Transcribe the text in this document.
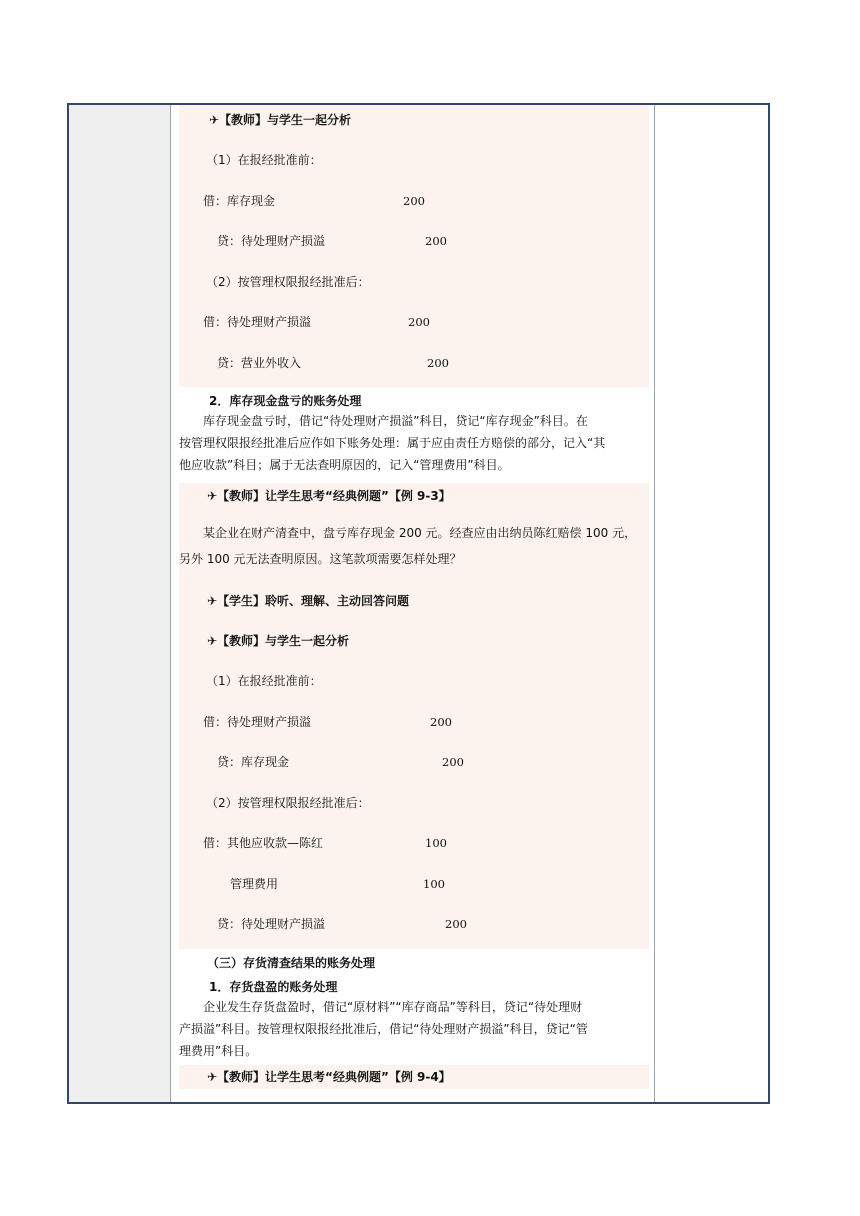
✈【教师】与学生一起分析
（1）在报经批准前：
借：库存现金	200
贷：待处理财产损溢	200
（2）按管理权限报经批准后：
借：待处理财产损溢	200
贷：营业外收入	200
2．库存现金盘亏的账务处理
库存现金盘亏时，借记“待处理财产损溢”科目，贷记“库存现金”科目。在
按管理权限报经批准后应作如下账务处理：属于应由责任方赔偿的部分，记入“其
他应收款”科目；属于无法查明原因的，记入“管理费用”科目。
✈【教师】让学生思考“经典例题”【例 9-3】
某企业在财产清查中，盘亏库存现金 200 元。经查应由出纳员陈红赔偿 100 元，
另外 100 元无法查明原因。这笔款项需要怎样处理？
✈【学生】聆听、理解、主动回答问题
✈【教师】与学生一起分析
（1）在报经批准前：
借：待处理财产损溢	200
贷：库存现金	200
（2）按管理权限报经批准后：
借：其他应收款—陈红	100
管理费用	100
贷：待处理财产损溢	200
（三）存货清查结果的账务处理
1．存货盘盈的账务处理
企业发生存货盘盈时，借记“原材料”“库存商品”等科目，贷记“待处理财
产损溢”科目。按管理权限报经批准后，借记“待处理财产损溢”科目，贷记“管
理费用”科目。
✈【教师】让学生思考“经典例题”【例 9-4】
